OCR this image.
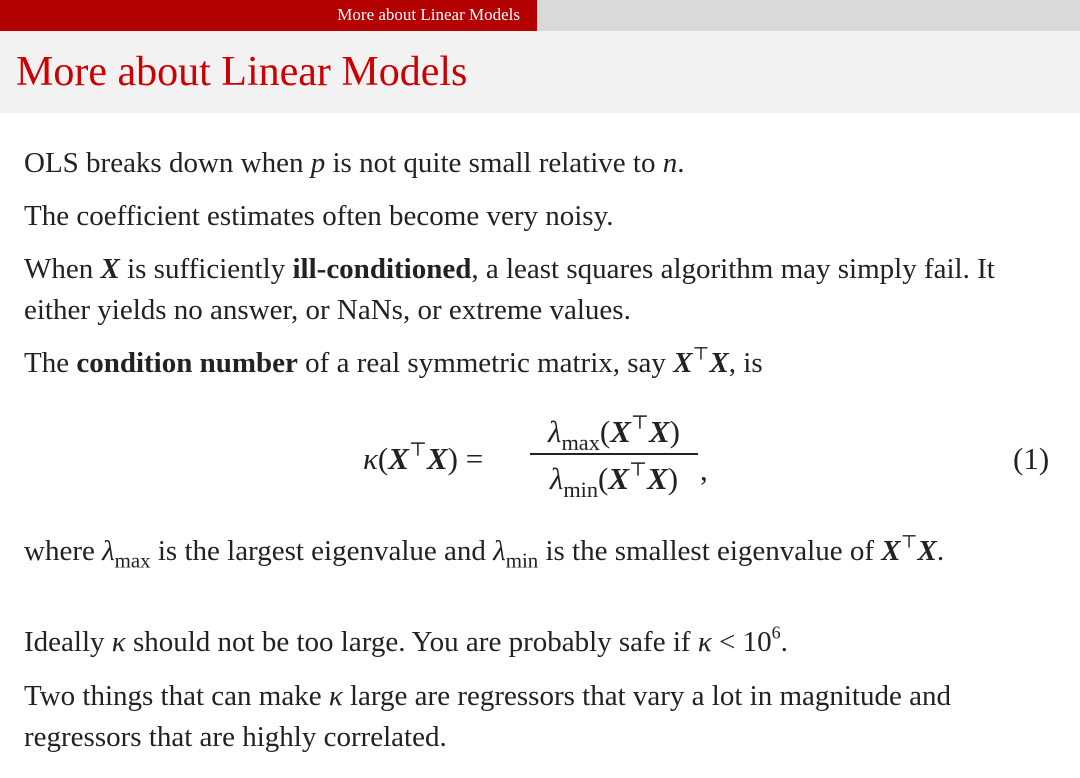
More about Linear Models
More about Linear Models

OLS breaks down when p is not quite small relative to n.

The coefficient estimates often become very noisy.

When X is sufficiently ill-conditioned, a least squares algorithm may simply fail. It either yields no answer, or NaNs, or extreme values.

The condition number of a real symmetric matrix, say X⊤X, is

where $\lambda_{max}$ is the largest eigenvalue and $\lambda_{min}$ is the smallest eigenvalue of X⊤X.

Ideally κ should not be too large. You are probably safe if $\kappa < 10^6$.

Two things that can make κ large are regressors that vary a lot in magnitude and regressors that are highly correlated.

κ(X⊤X) =
$\lambda_{max}(X^⊤X)$
$\lambda_{min}(X^⊤X)$ ,	(1)
